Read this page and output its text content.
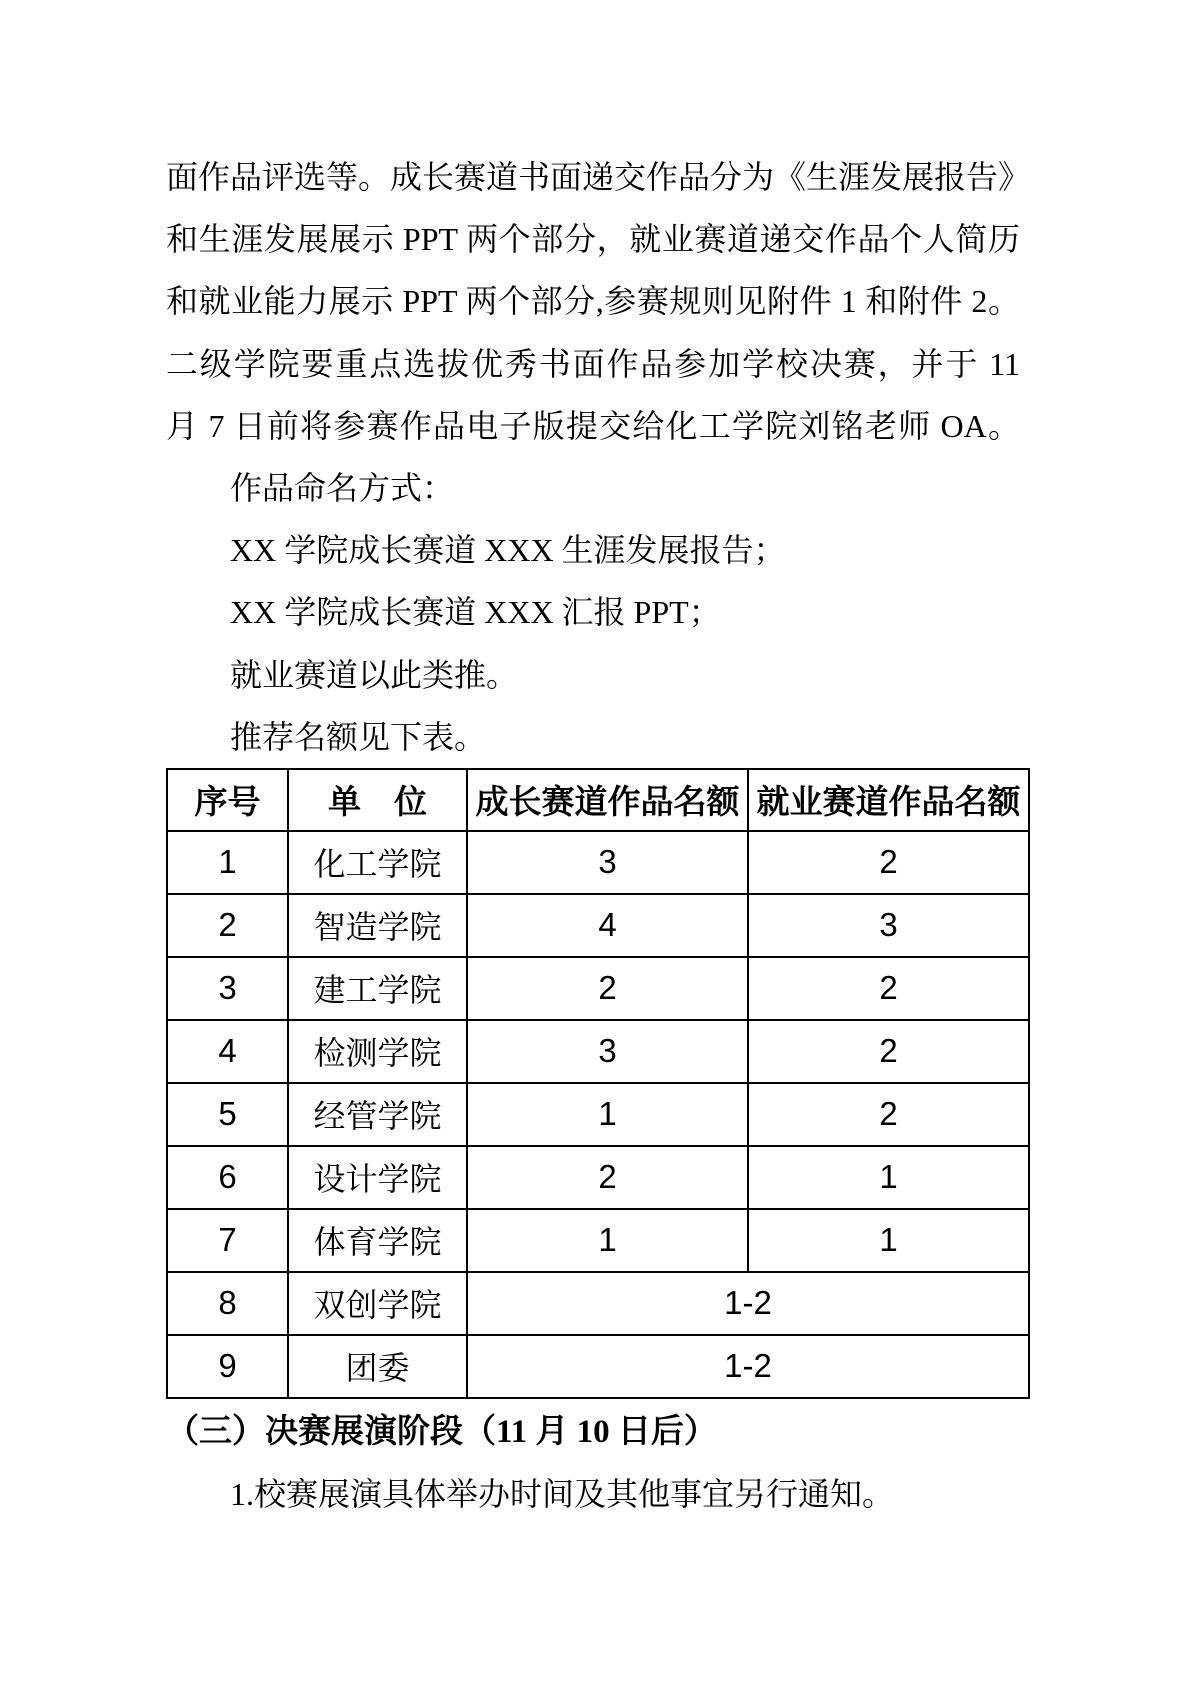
面作品评选等。成长赛道书面递交作品分为《生涯发展报告》
和生涯发展展示 PPT 两个部分，就业赛道递交作品个人简历
和就业能力展示 PPT 两个部分,参赛规则见附件 1 和附件 2。
二级学院要重点选拔优秀书面作品参加学校决赛，并于 11
月 7 日前将参赛作品电子版提交给化工学院刘铭老师 OA。
作品命名方式：
XX 学院成长赛道 XXX 生涯发展报告；
XX 学院成长赛道 XXX 汇报 PPT；
就业赛道以此类推。
推荐名额见下表。
序号	单　位	成长赛道作品名额	就业赛道作品名额
1	化工学院	3	2
2	智造学院	4	3
3	建工学院	2	2
4	检测学院	3	2
5	经管学院	1	2
6	设计学院	2	1
7	体育学院	1	1
8	双创学院	1-2	
9	团委	1-2	
（三）决赛展演阶段（11 月 10 日后）
1.校赛展演具体举办时间及其他事宜另行通知。
